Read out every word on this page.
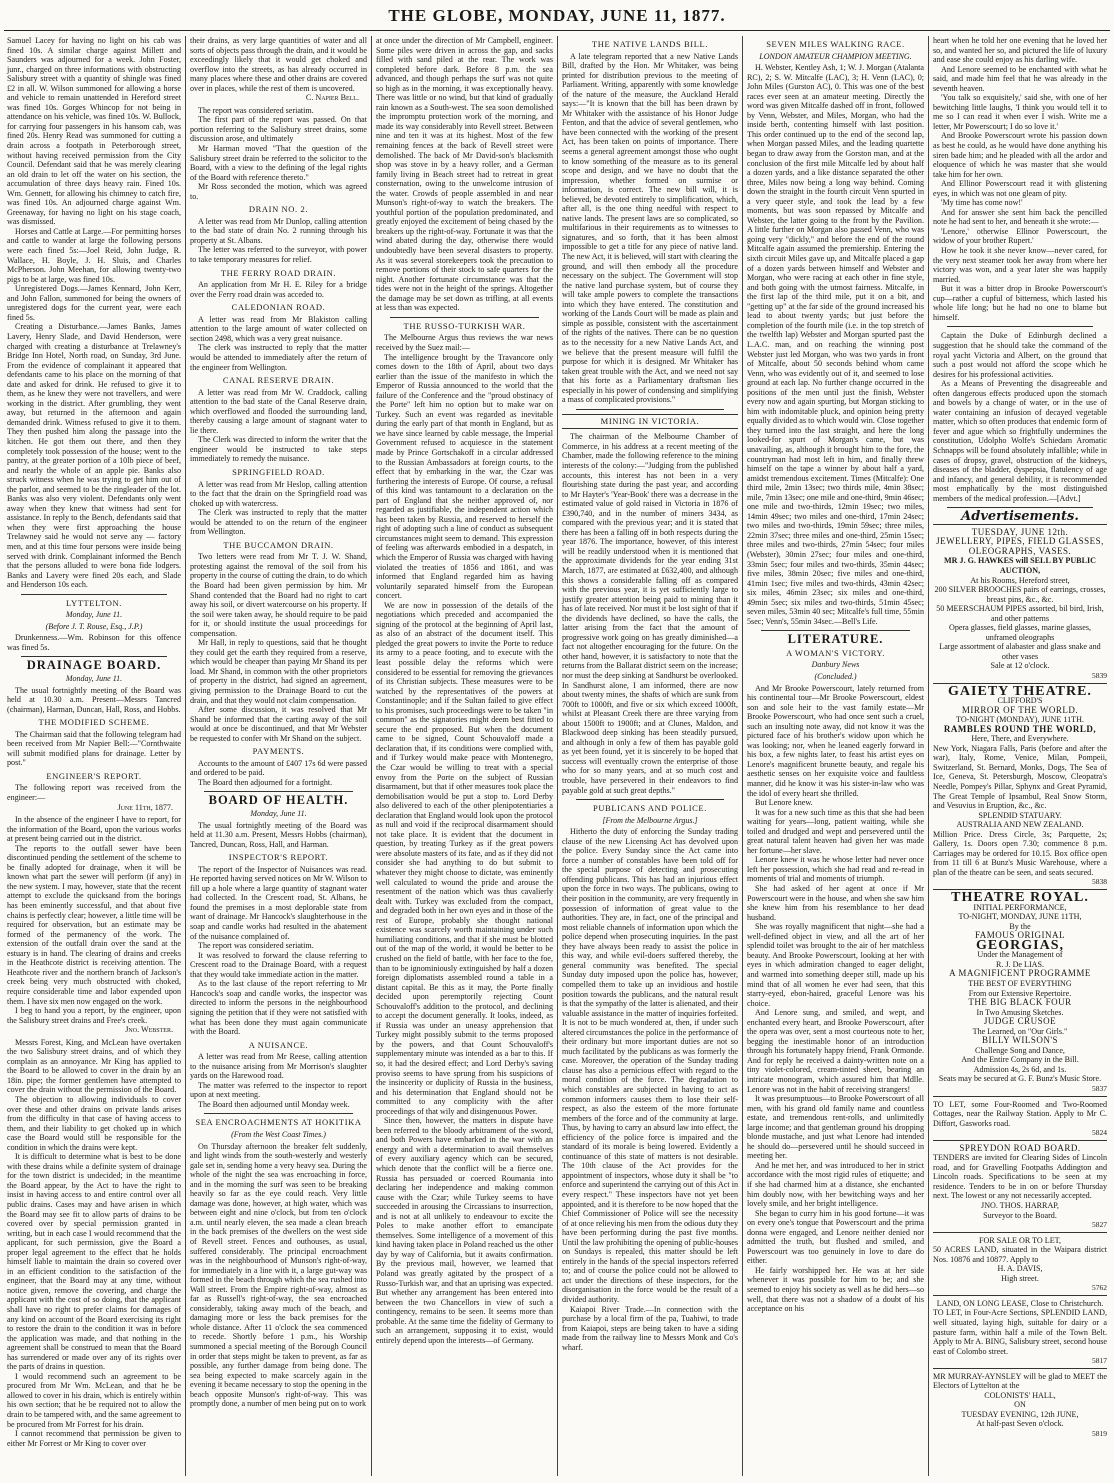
THE GLOBE, MONDAY, JUNE 11, 1877.

Samuel Lacey for having no light on his cab was fined 10s. A similar charge against Millett and Saunders was adjourned for a week. John Foster, junr., charged on three informations with obstructing Salisbury street with a quantity of shingle was fined £2 in all. W. Wilson summoned for allowing a horse and vehicle to remain unattended in Hereford street was fined 10s. Gorges Whincop for not being in attendance on his vehicle, was fined 10s. W. Bullock, for carrying four passengers in his hansom cab, was fined 20s. Henry Read was summoned for cutting a drain across a footpath in Peterborough street, without having received permission from the City Council. Defendant said that he was merely clearing an old drain to let off the water on his section, the accumulation of three days heavy rain. Fined 10s. Wm. Gennett, for allowing his chimney to catch fire, was fined 10s. An adjourned charge against Wm. Greenaway, for having no light on his stage coach, was dismissed.

Horses and Cattle at Large.—For permitting horses and cattle to wander at large the following persons were each fined 5s:—Joel Reid, John Judge, R. Wallace, H. Boyle, J. H. Sluis, and Charles McPherson. John Meehan, for allowing twenty-two pigs to be at large, was fined 10s.

Unregistered Dogs.—James Kennard, John Kerr, and John Fallon, summoned for being the owners of unregistered dogs for the current year, were each fined 5s.

Creating a Disturbance.—James Banks, James Lavery, Henry Slade, and David Henderson, were charged with creating a disturbance at Trelawney's Bridge Inn Hotel, North road, on Sunday, 3rd June. From the evidence of complainant it appeared that defendants came to his place on the morning of that date and asked for drink. He refused to give it to them, as he knew they were not travellers, and were working in the district. After grumbling, they went away, but returned in the afternoon and again demanded drink. Witness refused to give it to them. They then pushed him along the passage into the kitchen. He got them out there, and then they completely took possession of the house; went to the pantry, at the greater portion of a 10lb piece of beef, and nearly the whole of an apple pie. Banks also struck witness when he was trying to get him out of the parlor, and seemed to be the ringleader of the lot. Banks was also very violent. Defendants only went away when they knew that witness had sent for assistance. In reply to the Bench, defendants said that when they were first approaching the house Trelawney said he would not serve any — factory men, and at this time four persons were inside being served with drink. Complainant informed the Bench that the persons alluded to were bona fide lodgers. Banks and Lavery were fined 20s each, and Slade and Henderson 10s each.

LYTTELTON.
Monday, June 11.
(Before J. T. Rouse, Esq., J.P.)

Drunkenness.—Wm. Robinson for this offence was fined 5s.

DRAINAGE BOARD.
Monday, June 11.

The usual fortnightly meeting of the Board was held at 10.30 a.m. Present—Messrs Tancred (chairman), Harman, Duncan, Hall, Ross, and Hobbs.

THE MODIFIED SCHEME.

The Chairman said that the following telegram had been received from Mr Napier Bell:—"Cornthwaite will submit modified plans for drainage. Letter by post."

ENGINEER'S REPORT.

The following report was received from the engineer:—

June 11th, 1877.

In the absence of the engineer I have to report, for the information of the Board, upon the various works at present being carried out in the district.

The reports to the outfall sewer have been discontinued pending the settlement of the scheme to be finally adopted for drainage, when it will be known what part the sewer will perform (if any) in the new system. I may, however, state that the recent attempt to exclude the quicksand from the borings has been eminently successful, and that about five chains is perfectly clear; however, a little time will be required for observation, but an estimate may be formed of the permanency of the work. The extension of the outfall drain over the sand at the estuary is in hand. The clearing of drains and creeks in the Heathcote district is receiving attention. The Heathcote river and the northern branch of Jackson's creek being very much obstructed with choked, require considerable time and labor expended upon them. I have six men now engaged on the work.

I beg to hand you a report, by the engineer, upon the Salisbury street drains and Free's creek.

Jno. Webster.

Messrs Forest, King, and McLean have overtaken the two Salisbury street drains, and of which they complain as an annoyance. Mr King has applied to the Board to be allowed to cover in the drain by an 18in. pipe; the former gentlemen have attempted to cover the drain without the permission of the Board.

The objection to allowing individuals to cover over these and other drains on private lands arises from the difficulty in that case of having access to them, and their liability to get choked up in which case the Board would still be responsible for the condition in which the drains were kept.

It is difficult to determine what is best to be done with these drains while a definite system of drainage for the town district is undecided; in the meantime the Board appear, by the Act to have the right to insist in having access to and entire control over all public drains. Cases may and have arisen in which the Board may see fit to allow parts of drains to be covered over by special permission granted in writing, but in each case I would recommend that the applicant, for such permission, give the Board a proper legal agreement to the effect that he holds himself liable to maintain the drain so covered over in an efficient condition to the satisfaction of the engineer, that the Board may at any time, without notice given, remove the covering, and charge the applicant with the cost of so doing, that the applicant shall have no right to prefer claims for damages of any kind on account of the Board exercising its right to restore the drain to the condition it was in before the application was made, and that nothing in the agreement shall be construed to mean that the Board has surrendered or made over any of its rights over the parts of drains in question.

I would recommend such an agreement to be procured from Mr Wm. McLean, and that he be allowed to cover in his drain, which is entirely within his own section; that he be required not to allow the drain to be tampered with, and the same agreement to be procured from Mr Forrest for his drain.

I cannot recommend that permission be given to either Mr Forrest or Mr King to cover over

their drains, as very large quantities of water and all sorts of objects pass through the drain, and it would be exceedingly likely that it would get choked and overflow into the streets, as has already occurred in many places where these and other drains are covered over in places, while the rest of them is uncovered.

C. Napier Bell.

The report was considered seriatim.

The first part of the report was passed. On that portion referring to the Salisbury street drains, some discussion arose, and ultimately

Mr Harman moved "That the question of the Salisbury street drain be referred to the solicitor to the Board, with a view to the defining of the legal rights of the Board with reference thereto."

Mr Ross seconded the motion, which was agreed to.

DRAIN NO. 2.

A letter was read from Mr Dunlop, calling attention to the bad state of drain No. 2 running through his property at St. Albans.

The letter was referred to the surveyor, with power to take temporary measures for relief.

THE FERRY ROAD DRAIN.

An application from Mr H. E. Riley for a bridge over the Ferry road drain was acceded to.

CALEDONIAN ROAD.

A letter was read from Mr Blakiston calling attention to the large amount of water collected on section 2498, which was a very great nuisance.

The clerk was instructed to reply that the matter would be attended to immediately after the return of the engineer from Wellington.

CANAL RESERVE DRAIN.

A letter was read from Mr W. Craddock, calling attention to the bad state of the Canal Reserve drain, which overflowed and flooded the surrounding land, thereby causing a large amount of stagnant water to lie there.

The Clerk was directed to inform the writer that the engineer would be instructed to take steps immediately to remedy the nuisance.

SPRINGFIELD ROAD.

A letter was read from Mr Heslop, calling attention to the fact that the drain on the Springfield road was choked up with watercress.

The Clerk was instructed to reply that the matter would be attended to on the return of the engineer from Wellington.

THE BUCCAMON DRAIN.

Two letters were read from Mr T. J. W. Shand, protesting against the removal of the soil from his property in the course of cutting the drain, to do which the Board had been given permission by him. Mr Shand contended that the Board had no right to cart away his soil, or divert watercourse on his property. If the soil were taken away, he should require to be paid for it, or should institute the usual proceedings for compensation.

Mr Hall, in reply to questions, said that he thought they could get the earth they required from a reserve, which would be cheaper than paying Mr Shand its per load. Mr Shand, in common with the other proprietors of property in the district, had signed an agreement, giving permission to the Drainage Board to cut the drain, and that they would not claim compensation.

After some discussion, it was resolved that Mr Shand be informed that the carting away of the soil would at once be discontinued, and that Mr Webster be requested to confer with Mr Shand on the subject.

PAYMENTS.

Accounts to the amount of £407 17s 6d were passed and ordered to be paid.

The Board then adjourned for a fortnight.

BOARD OF HEALTH.
Monday, June 11.

The usual fortnightly meeting of the Board was held at 11.30 a.m. Present, Messrs Hobbs (chairman), Tancred, Duncan, Ross, Hall, and Harman.

INSPECTOR'S REPORT.

The report of the Inspector of Nuisances was read. He reported having served notices on Mr W. Wilson to fill up a hole where a large quantity of stagnant water had collected. In the Crescent road, St. Albans, he found the premises in a most deplorable state from want of drainage. Mr Hancock's slaughterhouse in the soap and candle works had resulted in the abatement of the nuisance complained of.

The report was considered seriatim.

It was resolved to forward the clause referring to Crescent road to the Drainage Board, with a request that they would take immediate action in the matter.

As to the last clause of the report referring to Mr Hancock's soap and candle works, the inspector was directed to inform the persons in the neighbourhood signing the petition that if they were not satisfied with what has been done they must again communicate with the Board.

A NUISANCE.

A letter was read from Mr Reese, calling attention to the nuisance arising from Mr Morrison's slaughter yards on the Harewood road.

The matter was referred to the inspector to report upon at next meeting.

The Board then adjourned until Monday week.

SEA ENCROACHMENTS AT HOKITIKA
(From the West Coast Times.)

On Thursday afternoon the breaker felt suddenly, and light winds from the south-westerly and westerly gale set in, sending home a very heavy sea. During the whole of the night the sea was encroaching in force, and in the morning the surf was seen to be breaking heavily so far as the eye could reach. Very little damage was done, however, at high water, which was between eight and nine o'clock, but from ten o'clock a.m. until nearly eleven, the sea made a clean breach in the back premises of the dwellers on the west side of Revell street. Fences and outhouses, as usual, suffered considerably. The principal encroachment was in the neighbourhood of Munson's right-of-way, for immediately in a line with it, a large gut-way was formed in the beach through which the sea rushed into Wall street. From the Empire right-of-way, almost as far as Russell's right-of-way, the sea encroached considerably, taking away much of the beach, and damaging more or less the back premises for the whole distance. After 11 o'clock the sea commenced to recede. Shortly before 1 p.m., his Worship summoned a special meeting of the Borough Council in order that steps might be taken to prevent, as far as possible, any further damage from being done. The sea being expected to make scarcely again in the evening it became necessary to stop the opening in the beach opposite Munson's right-of-way. This was promptly done, a number of men being put on to work

at once under the direction of Mr Campbell, engineer. Some piles were driven in across the gap, and sacks filled with sand piled at the rear. The work was completed before dark. Before 8 p.m. the sea advanced, and though perhaps the surf was not quite so high as in the morning, it was exceptionally heavy. There was little or no wind, but that kind of gradually rain known as a South-west. The sea soon demolished the impromptu protection work of the morning, and made its way considerably into Revell street. Between nine and ten it was at its highest. Most of the few remaining fences at the back of Revell street were demolished. The back of Mr David-son's blacksmith shop was stove in by a heavy roller, and a German family living in Beach street had to retreat in great consternation, owing to the unwelcome intrusion of the water. Crowds of people assembled in and near Munson's right-of-way to watch the breakers. The youthful portion of the population predominated, and greatly enjoyed the excitement of being chased by the breakers up the right-of-way. Fortunate it was that the wind abated during the day, otherwise there would undoubtedly have been several disasters to property. As it was several storekeepers took the precaution to remove portions of their stock to safe quarters for the night. Another fortunate circumstance was that the tides were not in the height of the springs. Altogether the damage may be set down as trifling, at all events at less than was expected.

THE RUSSO-TURKISH WAR.

The Melbourne Argus thus reviews the war news received by the Suez mail:—

The intelligence brought by the Travancore only comes down to the 18th of April, about two days earlier than the issue of the manifesto in which the Emperor of Russia announced to the world that the failure of the Conference and the "proud obstinacy of the Porte" left him no option but to make war on Turkey. Such an event was regarded as inevitable during the early part of that month in England, but as we have since learned by cable message, the Imperial Government refused to acquiesce in the statement made by Prince Gortschakoff in a circular addressed to the Russian Ambassadors at foreign courts, to the effect that by embarking in the war, the Czar was furthering the interests of Europe. Of course, a refusal of this kind was tantamount to a declaration on the part of England that she neither approved of, nor regarded as justifiable, the independent action which has been taken by Russia, and reserved to herself the right of adopting such a line of conduct as subsequent circumstances might seem to demand. This expression of feeling was afterwards embodied in a despatch, in which the Emperor of Russia was charged with having violated the treaties of 1856 and 1861, and was informed that England regarded him as having voluntarily separated himself from the European concert.

We are now in possession of the details of the negotiations which preceded and accompanied the signing of the protocol at the beginning of April last, as also of an abstract of the document itself. This pledged the great powers to invite the Porte to reduce its army to a peace footing, and to execute with the least possible delay the reforms which were considered to be essential for removing the grievances of its Christian subjects. These measures were to be watched by the representatives of the powers at Constantinople; and if the Sultan failed to give effect to his promises, such proceedings were to be taken "in common" as the signatories might deem best fitted to secure the end proposed. But when the document came to be signed, Count Schouvaloff made a declaration that, if its conditions were complied with, and if Turkey would make peace with Montenegro, the Czar would be willing to treat with a special envoy from the Porte on the subject of Russian disarmament, but that if other measures took place the demobilisation would be put a stop to. Lord Derby also delivered to each of the other plenipotentiaries a declaration that England would look upon the protocol as null and void if the reciprocal disarmament should not take place. It is evident that the document in question, by treating Turkey as if the great powers were absolute masters of its fate, and as if they did not consider she had anything to do but submit to whatever they might choose to dictate, was eminently well calculated to wound the pride and arouse the resentment of the nation which was thus cavalierly dealt with. Turkey was excluded from the compact, and degraded both in her own eyes and in those of the rest of Europe, probably she thought national existence was scarcely worth maintaining under such humiliating conditions, and that if she must be blotted out of the map of the world, it would be better to be crushed on the field of battle, with her face to the foe, than to be ignominiously extinguished by half a dozen foreign diplomatists assembled round a table in a distant capital. Be this as it may, the Porte finally decided upon peremptorily rejecting Count Schouvaloff's addition to the protocol, and declining to accept the document generally. It looks, indeed, as if Russia was under an uneasy apprehension that Turkey might possibly submit to the terms proposed by the powers, and that Count Schouvaloff's supplementary minute was intended as a bar to this. If so, it had the desired effect; and Lord Derby's saving proviso seems to have sprung from his suspicions of the insincerity or duplicity of Russia in the business, and his determination that England should not be committed to any complicity with the after proceedings of that wily and disingenuous Power.

Since then, however, the matters in dispute have been referred to the bloody arbitrament of the sword, and both Powers have embarked in the war with an energy and with a determination to avail themselves of every auxiliary agency which can be secured, which denote that the conflict will be a fierce one. Russia has persuaded or coerced Roumania into declaring her independence and making common cause with the Czar; while Turkey seems to have succeeded in arousing the Circassians to insurrection, and is not at all unlikely to endeavour to excite the Poles to make another effort to emancipate themselves. Some intelligence of a movement of this kind having taken place in Poland reached us the other day by way of California, but it awaits confirmation. By the previous mail, however, we learned that Poland was greatly agitated by the prospect of a Russo-Turkish war, and that an uprising was expected. But whether any arrangement has been entered into between the two Chancellors in view of such a contingency, remains to be seen. It seems more than probable. At the same time the fidelity of Germany to such an arrangement, supposing it to exist, would entirely depend upon the interests—of Germany.

THE NATIVE LANDS BILL.

A late telegram reported that a new Native Lands Bill, drafted by the Hon. Mr Whitaker, was being printed for distribution previous to the meeting of Parliament. Writing, apparently with some knowledge of the nature of the measure, the Auckland Herald says:—"It is known that the bill has been drawn by Mr Whitaker with the assistance of his Honor Judge Fenton, and that the advice of several gentlemen, who have been connected with the working of the present Act, has been taken on points of importance. There seems a general agreement amongst those who ought to know something of the measure as to its general scope and design, and we have no doubt that the impression, whether formed on surmise or information, is correct. The new bill will, it is believed, be devoted entirely to simplification, which, after all, is the one thing needful with respect to native lands. The present laws are so complicated, so multifarious in their requirements as to witnesses to signatures, and so forth, that it has been almost impossible to get a title for any piece of native land. The new Act, it is believed, will start with clearing the ground, and will then embody all the procedure necessary on the subject. The Government will stop the native land purchase system, but of course they will take ample powers to complete the transactions into which they have entered. The constitution and working of the Lands Court will be made as plain and simple as possible, consistent with the ascertainment of the rights of the natives. There can be no question as to the necessity for a new Native Lands Act, and we believe that the present measure will fulfil the purpose for which it is designed. Mr Whitaker has taken great trouble with the Act, and we need not say that his forte as a Parliamentary draftsman lies especially in his power of condensing and simplifying a mass of complicated provisions."

MINING IN VICTORIA.

The chairman of the Melbourne Chamber of Commerce, in his address at a recent meeting of the Chamber, made the following reference to the mining interests of the colony:—"Judging from the published accounts, this interest has not been in a very flourishing state during the past year, and according to Mr Hayter's 'Year-Book' there was a decrease in the estimated value of gold raised in Victoria in 1876 of £390,740, and in the number of miners 3434, as compared with the previous year; and it is stated that there has been a falling off in both respects during the year 1876. The importance, however, of this interest will be readily understood when it is mentioned that the approximate dividends for the year ending 31st March, 1877, are estimated at £632,400, and although this shows a considerable falling off as compared with the previous year, it is yet sufficiently large to justify greater attention being paid to mining than it has of late received. Nor must it be lost sight of that if the dividends have declined, so have the calls, the latter arising from the fact that the amount of progressive work going on has greatly diminished—a fact not altogether encouraging for the future. On the other hand, however, it is satisfactory to note that the returns from the Ballarat district seem on the increase; nor must the deep sinking at Sandhurst be overlooked. In Sandhurst alone, I am informed, there are now about twenty mines, the shafts of which are sunk from 700ft to 1000ft, and five or six which exceed 1000ft, whilst at Pleasant Creek there are three varying from about 1500ft to 1900ft; and at Clunes, Maldon, and Blackwood deep sinking has been steadily pursued, and although in only a few of them has payable gold as yet been found, yet it is sincerely to be hoped that success will eventually crown the enterprise of those who for so many years, and at so much cost and trouble, have persevered in their endeavors to find payable gold at such great depths."

PUBLICANS AND POLICE.
[From the Melbourne Argus.]

Hitherto the duty of enforcing the Sunday trading clause of the new Licensing Act has devolved upon the police. Every Sunday since the Act came into force a number of constables have been told off for the special purpose of detecting and prosecuting offending publicans. This has had an injurious effect upon the force in two ways. The publicans, owing to their position in the community, are very frequently in possession of information of great value to the authorities. They are, in fact, one of the principal and most reliable channels of information upon which the police depend when prosecuting inquiries. In the past they have always been ready to assist the police in this way, and while evil-doers suffered thereby, the general community was benefited. The special Sunday duty imposed upon the police has, however, compelled them to take up an invidious and hostile position towards the publicans, and the natural result is that the sympathy of the latter is alienated, and their valuable assistance in the matter of inquiries forfeited. It is not to be much wondered at, then, if under such altered circumstances the police in the performance of their ordinary but more important duties are not so much facilitated by the publicans as was formerly the case. Moreover, the operation of the Sunday trading clause has also a pernicious effect with regard to the moral condition of the force. The degradation to which constables are subjected in having to act as common informers causes them to lose their self-respect, as also the esteem of the more fortunate members of the force and of the community at large. Thus, by having to carry an absurd law into effect, the efficiency of the police force is impaired and the standard of its morale is being lowered. Evidently a continuance of this state of matters is not desirable. The 10th clause of the Act provides for the appointment of inspectors, whose duty it shall be "to enforce and superintend the carrying out of this Act in every respect." These inspectors have not yet been appointed, and it is therefore to be now hoped that the Chief Commissioner of Police will see the necessity of at once relieving his men from the odious duty they have been performing during the past five months. Until the law prohibiting the opening of public-houses on Sundays is repealed, this matter should be left entirely in the hands of the special inspectors referred to; and of course the police could not be allowed to act under the directions of these inspectors, for the disorganisation in the force would be the result of a divided authority.

Kaiapoi River Trade.—In connection with the purchase by a local firm of the pa, Tuahiwi, to trade from Kaiapoi, steps are being taken to have a siding made from the railway line to Messrs Monk and Co's wharf.

SEVEN MILES WALKING RACE.
LONDON AMATEUR CHAMPION MEETING.

H. Webster, Kentley Ash, 1; W. J. Morgan (Atalanta RC), 2; S. W. Mitcalfe (LAC), 3; H. Venn (LAC), 0; John Miles (Gurston AC), 0. This was one of the best races ever seen at an amateur meeting. Directly the word was given Mitcalfe dashed off in front, followed by Venn, Webster, and Miles, Morgan, who had the inside berth, contenting himself with last position. This order continued up to the end of the second lap, when Morgan passed Miles, and the leading quartette began to draw away from the Gorston man, and at the conclusion of the first mile Mitcalfe led by about half a dozen yards, and a like distance separated the other three, Miles now being a long way behind. Coming down the straight in the fourth circuit Venn spurted in a very queer style, and took the lead by a few moments, but was soon repassed by Mitcalfe and Webster, the latter going to the front by the Pavilion. A little further on Morgan also passed Venn, who was going very "dickly," and before the end of the round Mitcalfe again assumed the premiership. Entering the sixth circuit Miles gave up, and Mitcalfe placed a gap of a dozen yards between himself and Webster and Morgan, who were racing at each other in fine style, and both going with the utmost fairness. Mitcalfe, in the first lap of the third mile, put it on a bit, and "getting up" at the far side of the ground increased his lead to about twenty yards; but just before the completion of the fourth mile (i.e. in the top stretch of the twelfth lap) Webster and Morgan spurted past the L.A.C. man, and on reaching the winning post Webster just led Morgan, who was two yards in front of Mitcalfe, about 50 seconds behind whom came Venn, who was evidently out of it, and seemed to lose ground at each lap. No further change occurred in the positions of the men until just the finish, Webster every now and again spurting, but Morgan sticking to him with indomitable pluck, and opinion being pretty equally divided as to which would win. Close together they turned into the last straight, and here the long looked-for spurt of Morgan's came, but was unavailing, as, although it brought him to the fore, the countryman had most left in him, and finally threw himself on the tape a winner by about half a yard, amidst tremendous excitement. Times (Mitcalfe): One third mile, 2min 13sec; two thirds mile, 4min 38sec; mile, 7min 13sec; one mile and one-third, 9min 46sec; one mile and two-thirds, 12min 19sec; two miles, 14min 49sec; two miles and one-third, 17min 24sec; two miles and two-thirds, 19min 59sec; three miles, 22min 37sec; three miles and one-third, 25min 15sec; three miles and two-thirds, 27min 54sec; four miles (Webster), 30min 27sec; four miles and one-third, 33min 5sec; four miles and two-thirds, 35min 44sec; five miles, 38min 20sec; five miles and one-third, 41min 1sec; five miles and two-thirds, 43min 42sec; six miles, 46min 23sec; six miles and one-third, 49min 5sec; six miles and two-thirds, 51min 45sec; seven miles, 53min 40 sec; Mitcalfe's full time, 55min 5sec; Venn's, 55min 34sec.—Bell's Life.

LITERATURE.
A WOMAN'S VICTORY.
Danbury News
(Concluded.)

And Mr Brooke Powerscourt, lately returned from his continental tour—Mr Brooke Powerscourt, eldest son and sole heir to the vast family estate—Mr Brooke Powerscourt, who had once sent such a cruel, such an insulting note away, did not know it was the pictured face of his brother's widow upon which he was looking; nor, when he leaned eagerly forward in his box, a few nights later, to feast his artist eyes on Lenore's magnificent brunette beauty, and regale his aesthetic senses on her exquisite voice and faultless manner, did he know it was his sister-in-law who was the idol of every heart she thrilled.

But Lenore knew.

It was for a new such time as this that she had been waiting for years—long, patient waiting, while she toiled and drudged and wept and persevered until the great natural talent heaven had given her was made her fortune—her slave.

Lenore knew it was he whose letter had never once left her possession, which she had read and re-read in moments of trial and moments of triumph.

She had asked of her agent at once if Mr Powerscourt were in the house, and when she saw him she knew him from his resemblance to her dead husband.

She was royally magnificent that night—she had a well-defined object in view, and all the art of her splendid toilet was brought to the air of her matchless beauty. And Brooke Powerscourt, looking at her with eyes in which admiration changed to eager delight, and warmed into something deeper still, made up his mind that of all women he ever had seen, that this starry-eyed, ebon-haired, graceful Lenore was his choice.

And Lenore sung, and smiled, and wept, and enchanted every heart, and Brooke Powerscourt, after the opera was over, sent a most courteous note to her, begging the inestimable honor of an introduction through his fortunately happy friend, Frank Ormonde. And for reply he received a dainty-written note on a tiny violet-colored, cream-tinted sheet, bearing an intricate monogram, which assured him that Mdlle. Lenore was not in the habit of receiving strangers!

It was presumptuous—to Brooke Powerscourt of all men, with his grand old family name and countless estate, and tremendous rent-rolls, and unlimitedly large income; and that gentleman ground his dropping blonde mustache, and just what Lenore had intended he should do—persevered until he should succeed in meeting her.

And he met her, and was introduced to her in strict accordance with the most rigid rules of etiquette; and if she had charmed him at a distance, she enchanted him doubly now, with her bewitching ways and her lovely smile, and her bright intelligence.

She began to curry him in his good fortune—it was on every one's tongue that Powerscourt and the prima donna were engaged, and Lenore neither denied nor admitted the truth, but flushed and smiled, and Powerscourt was too genuinely in love to dare do either.

He fairly worshipped her. He was at her side whenever it was possible for him to be; and she seemed to enjoy his society as well as he did hers—so well, that there was not a shadow of a doubt of his acceptance on his

heart when he told her one evening that he loved her so, and wanted her so, and pictured the life of luxury and ease she could enjoy as his darling wife.

And Lenore seemed to be enchanted with what he said, and made him feel that he was already in the seventh heaven.

'You talk so exquisitely,' said she, with one of her bewitching little laughs, 'I think you would tell it to me so I can read it when ever I wish. Write me a letter, Mr Powerscourt; I do so love it.'

And Brooke Powerscourt wrote his passion down as best he could, as he would have done anything his siren bade him; and he pleaded with all the ardor and eloquence of which he was master that she would take him for her own.

And Ellinor Powerscourt read it with glistening eyes, in which was not one gleam of pity.

'My time has come now!'

And for answer she sent him back the pencilled note he had sent to her, and beneath it she wrote:—

'Lenore,' otherwise Ellinor Powerscourt, the widow of your brother Rupert.'

How he took it she never know—never cared, for the very next steamer took her away from where her victory was won, and a year later she was happily married.

But it was a bitter drop in Brooke Powerscourt's cup—rather a cupful of bitterness, which lasted his whole life long; but he had no one to blame but himself.

Captain the Duke of Edinburgh declined a suggestion that he should take the command of the royal yacht Victoria and Albert, on the ground that such a post would not afford the scope which he desires for his professional activities.

As a Means of Preventing the disagreeable and often dangerous effects produced upon the stomach and bowels by a change of water, or in the use of water containing an infusion of decayed vegetable matter, which so often produces that endemic form of fever and ague which so frightfully undermines the constitution, Udolpho Wolfe's Schiedam Aromatic Schnapps will be found absolutely infallible; while in cases of dropsy, gravel, obstruction of the kidneys, diseases of the bladder, dyspepsia, flatulency of age and infancy, and general debility, it is recommended most emphatically by the most distinguished members of the medical profession.—[Advt.]

Advertisements.
TUESDAY, JUNE 12th.
JEWELLERY, PIPES, FIELD GLASSES, OLEOGRAPHS, VASES.
MR J. G. HAWKES will SELL BY PUBLIC AUCTION,
At his Rooms, Hereford street,
200 SILVER BROOCHES pairs of earrings, crosses, breast pins, &c., &c.
50 MEERSCHAUM PIPES assorted, bil bird, Irish, and other patterns
Opera glasses, field glasses, marine glasses, unframed oleographs
Large assortment of alabaster and glass snake and other vases
Sale at 12 o'clock.
5839
GAIETY THEATRE.
CLIFFORD'S
MIRROR OF THE WORLD.
TO-NIGHT (MONDAY), JUNE 11TH.
RAMBLES ROUND THE WORLD,
Here, There, and Everywhere.
New York, Niagara Falls, Paris (before and after the war), Italy, Rome, Venice, Milan, Pompeii, Switzerland, St. Bernard, Monks, Dogs, The Sea of Ice, Geneva, St. Petersburgh, Moscow, Cleopatra's Needle, Pompey's Pillar, Sphynx and Great Pyramid, The Great Temple of Ipsambul, Real Snow Storm, and Vesuvius in Eruption, &c., &c.
SPLENDID STATUARY.
AUSTRALIA AND NEW ZEALAND.
Million Price. Dress Circle, 3s; Parquette, 2s; Gallery, 1s. Doors open 7.30; commence 8 p.m. Carriages may be ordered for 10.15. Box office open from 11 till 6 at Bunz's Music Warehouse, where a plan of the theatre can be seen, and seats secured.
5838
THEATRE ROYAL.
INITIAL PERFORMANCE,
TO-NIGHT, MONDAY, JUNE 11TH,
By the
FAMOUS ORIGINAL
GEORGIAS,
Under the Management of
R. J. De LIAS.
A MAGNIFICENT PROGRAMME
THE BEST OF EVERYTHING
From our Extensive Repertoire.
THE BIG BLACK FOUR
In Two Amusing Sketches.
JUDGE CRUSOE
The Learned, on "Our Girls."
BILLY WILSON'S
Challenge Song and Dance,
And the Entire Company in the Bill.
Admission 4s, 2s 6d, and 1s.
Seats may be secured at G. F. Bunz's Music Store.
5837
TO LET, some Four-Roomed and Two-Roomed Cottages, near the Railway Station. Apply to Mr C. Diffort, Gasworks road.
5824
SPREYDON ROAD BOARD.
TENDERS are invited for Clearing Sides of Lincoln road, and for Gravelling Footpaths Addington and Lincoln roads. Specifications to be seen at my residence. Tenders to be in on or before Thursday next. The lowest or any not necessarily accepted.
JNO. THOS. HARRAP,
Surveyor to the Board.
5827
FOR SALE OR TO LET,
50 ACRES LAND, situated in the Waipara district Nos. 10876 and 10877. Apply to
H. A. DAVIS,
High street.
5762
LAND, ON LONG LEASE, Close to Christchurch.
TO LET, in Four-Acre Sections, SPLENDID LAND, well situated, laying high, suitable for dairy or a pasture farm, within half a mile of the Town Belt. Apply to Mr A. BING, Salisbury street, second house east of Colombo street.
5817
MR MURRAY-AYNSLEY will be glad to MEET the Electors of Lyttelton at the
COLONISTS' HALL,
ON
TUESDAY EVENING, 12th JUNE,
At half-past Seven o'clock.
5819
